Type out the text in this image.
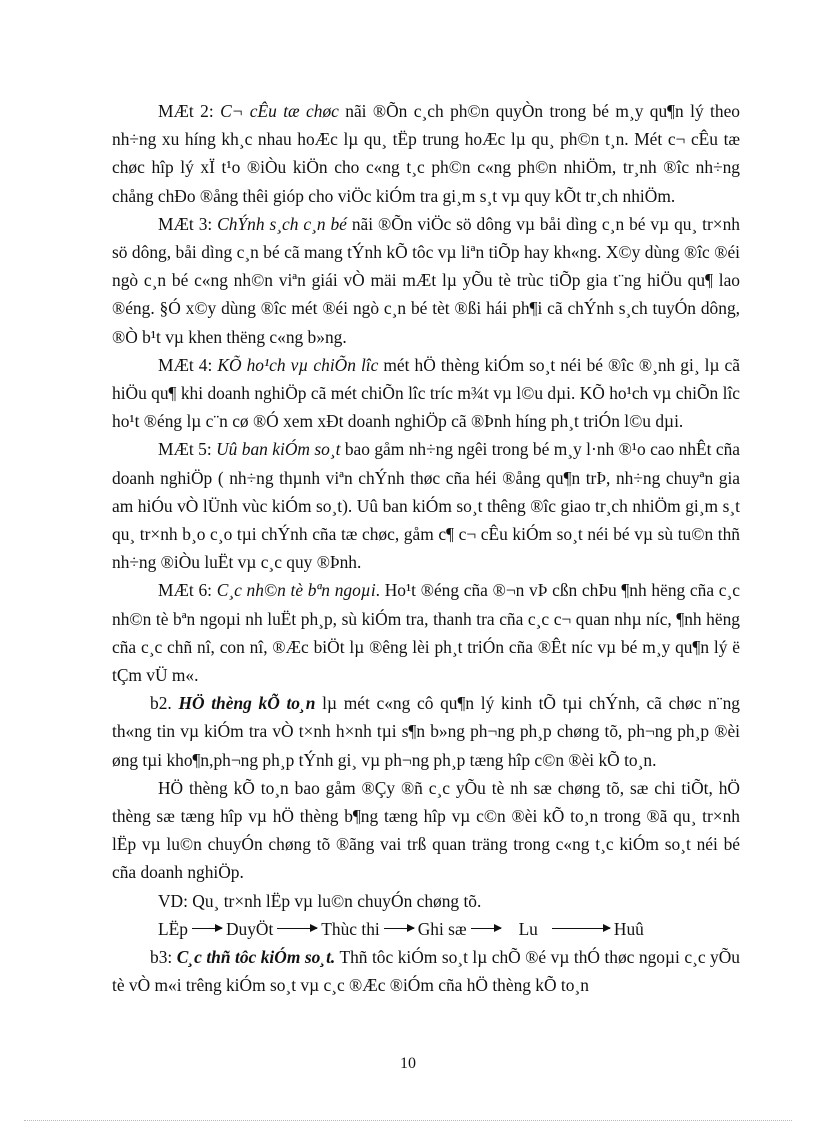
MÆt 2: C¬ cÊu tæ chøc nãi ®Õn c¸ch ph©n quyÒn trong bé m¸y qu¶n lý theo nh÷ng xu híng kh¸c nhau hoÆc lµ qu¸ tËp trung hoÆc lµ qu¸ ph©n t¸n. Mét c¬ cÊu tæ chøc hîp lý xÏ t¹o ®iÒu kiÖn cho c«ng t¸c ph©n c«ng ph©n nhiÖm, tr¸nh ®îc nh÷ng chång chÐo ®ång thêi gióp cho viÖc kiÓm tra gi¸m s¸t vµ quy kÕt tr¸ch nhiÖm.

MÆt 3: ChÝnh s¸ch c¸n bé nãi ®Õn viÖc sö dông vµ båi dìng c¸n bé vµ qu¸ tr×nh sö dông, båi dìng c¸n bé cã mang tÝnh kÕ tôc vµ liªn tiÕp hay kh«ng. X©y dùng ®îc ®éi ngò c¸n bé c«ng nh©n viªn giái vÒ mäi mÆt lµ yÕu tè trùc tiÕp gia t¨ng hiÖu qu¶ lao ®éng. §Ó x©y dùng ®îc mét ®éi ngò c¸n bé tèt ®ßi hái ph¶i cã chÝnh s¸ch tuyÓn dông, ®Ò b¹t vµ khen thëng c«ng b»ng.

MÆt 4: KÕ ho¹ch vµ chiÕn lîc mét hÖ thèng kiÓm so¸t néi bé ®îc ®¸nh gi¸ lµ cã hiÖu qu¶ khi doanh nghiÖp cã mét chiÕn lîc tríc m¾t vµ l©u dµi. KÕ ho¹ch vµ chiÕn lîc ho¹t ®éng lµ c¨n cø ®Ó xem xÐt doanh nghiÖp cã ®Þnh híng ph¸t triÓn l©u dµi.

MÆt 5: Uû ban kiÓm so¸t bao gåm nh÷ng ngêi trong bé m¸y l·nh ®¹o cao nhÊt cña doanh nghiÖp ( nh÷ng thµnh viªn chÝnh thøc cña héi ®ång qu¶n trÞ, nh÷ng chuyªn gia am hiÓu vÒ lÜnh vùc kiÓm so¸t). Uû ban kiÓm so¸t thêng ®îc giao tr¸ch nhiÖm gi¸m s¸t qu¸ tr×nh b¸o c¸o tµi chÝnh cña tæ chøc, gåm c¶ c¬ cÊu kiÓm so¸t néi bé vµ sù tu©n thñ nh÷ng ®iÒu luËt vµ c¸c quy ®Þnh.

MÆt 6: C¸c nh©n tè bªn ngoµi. Ho¹t ®éng cña ®¬n vÞ cßn chÞu ¶nh hëng cña c¸c nh©n tè bªn ngoµi nh luËt ph¸p, sù kiÓm tra, thanh tra cña c¸c c¬ quan nhµ níc, ¶nh hëng cña c¸c chñ nî, con nî, ®Æc biÖt lµ ®êng lèi ph¸t triÓn cña ®Êt níc vµ bé m¸y qu¶n lý ë tÇm vÜ m«.

b2. HÖ thèng kÕ to¸n lµ mét c«ng cô qu¶n lý kinh tÕ tµi chÝnh, cã chøc n¨ng th«ng tin vµ kiÓm tra vÒ t×nh h×nh tµi s¶n b»ng ph¬ng ph¸p chøng tõ, ph¬ng ph¸p ®èi øng tµi kho¶n,ph¬ng ph¸p tÝnh gi¸ vµ ph¬ng ph¸p tæng hîp c©n ®èi kÕ to¸n.

HÖ thèng kÕ to¸n bao gåm ®Çy ®ñ c¸c yÕu tè nh sæ chøng tõ, sæ chi tiÕt, hÖ thèng sæ tæng hîp vµ hÖ thèng b¶ng tæng hîp vµ c©n ®èi kÕ to¸n trong ®ã qu¸ tr×nh lËp vµ lu©n chuyÓn chøng tõ ®ãng vai trß quan träng trong c«ng t¸c kiÓm so¸t néi bé cña doanh nghiÖp.

VD: Qu¸ tr×nh lËp vµ lu©n chuyÓn chøng tõ.

LËp DuyÖt	Thùc thi Ghi sæ	Lu	Huû

b3: C¸c thñ tôc kiÓm so¸t. Thñ tôc kiÓm so¸t lµ chÕ ®é vµ thÓ thøc ngoµi c¸c yÕu tè vÒ m«i trêng kiÓm so¸t vµ c¸c ®Æc ®iÓm cña hÖ thèng kÕ to¸n

10
